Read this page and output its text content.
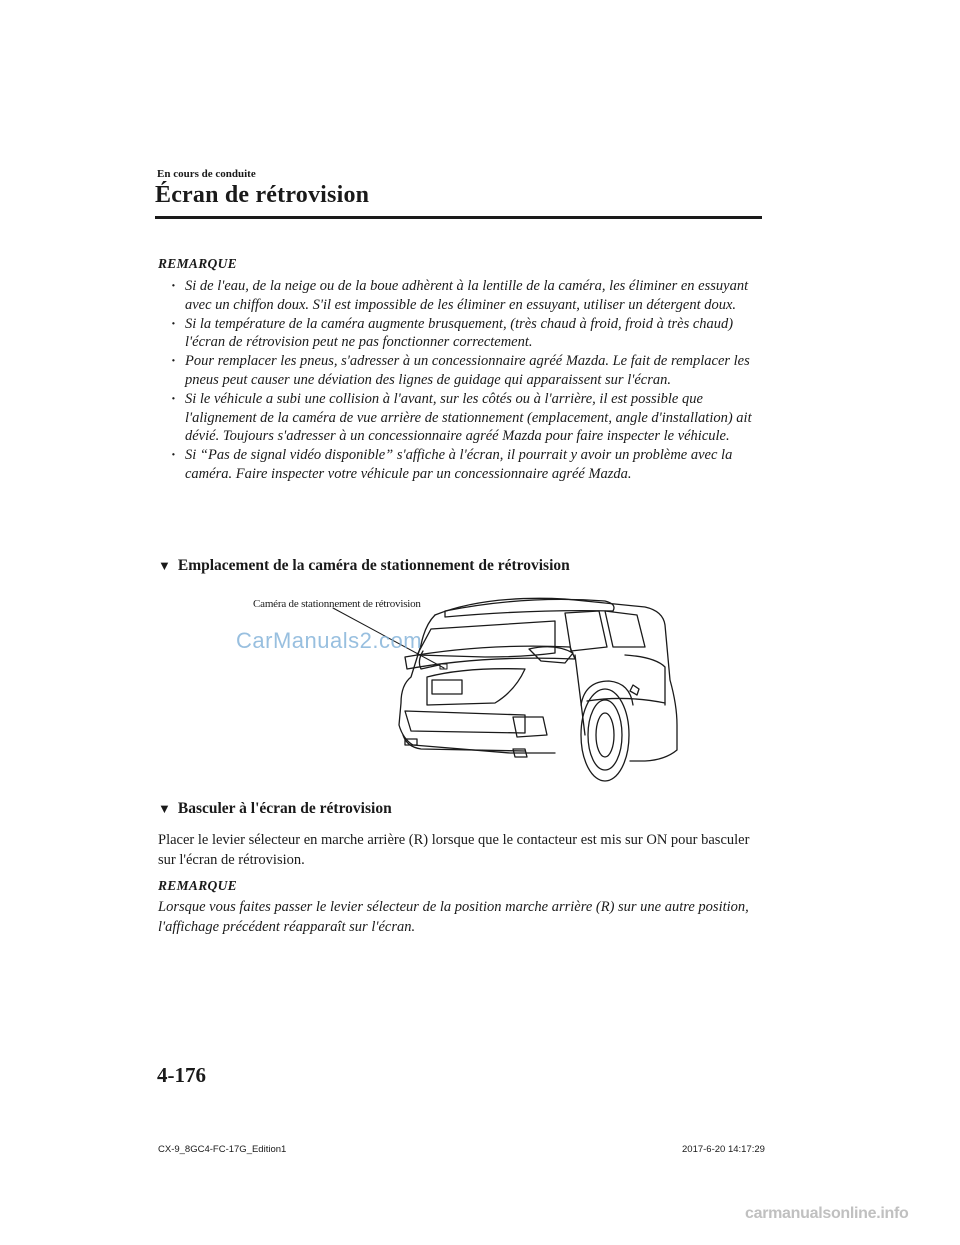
En cours de conduite
Écran de rétrovision
REMARQUE
· Si de l'eau, de la neige ou de la boue adhèrent à la lentille de la caméra, les éliminer en essuyant avec un chiffon doux. S'il est impossible de les éliminer en essuyant, utiliser un détergent doux.
· Si la température de la caméra augmente brusquement, (très chaud à froid, froid à très chaud) l'écran de rétrovision peut ne pas fonctionner correctement.
· Pour remplacer les pneus, s'adresser à un concessionnaire agréé Mazda. Le fait de remplacer les pneus peut causer une déviation des lignes de guidage qui apparaissent sur l'écran.
· Si le véhicule a subi une collision à l'avant, sur les côtés ou à l'arrière, il est possible que l'alignement de la caméra de vue arrière de stationnement (emplacement, angle d'installation) ait dévié. Toujours s'adresser à un concessionnaire agréé Mazda pour faire inspecter le véhicule.
· Si “Pas de signal vidéo disponible” s'affiche à l'écran, il pourrait y avoir un problème avec la caméra. Faire inspecter votre véhicule par un concessionnaire agréé Mazda.
▼ Emplacement de la caméra de stationnement de rétrovision
Caméra de stationnement de rétrovision
CarManuals2.com
▼ Basculer à l'écran de rétrovision

Placer le levier sélecteur en marche arrière (R) lorsque que le contacteur est mis sur ON pour basculer sur l'écran de rétrovision.

REMARQUE

Lorsque vous faites passer le levier sélecteur de la position marche arrière (R) sur une autre position, l'affichage précédent réapparaît sur l'écran.

4-176
CX-9_8GC4-FC-17G_Edition1	2017-6-20 14:17:29
carmanualsonline.info
